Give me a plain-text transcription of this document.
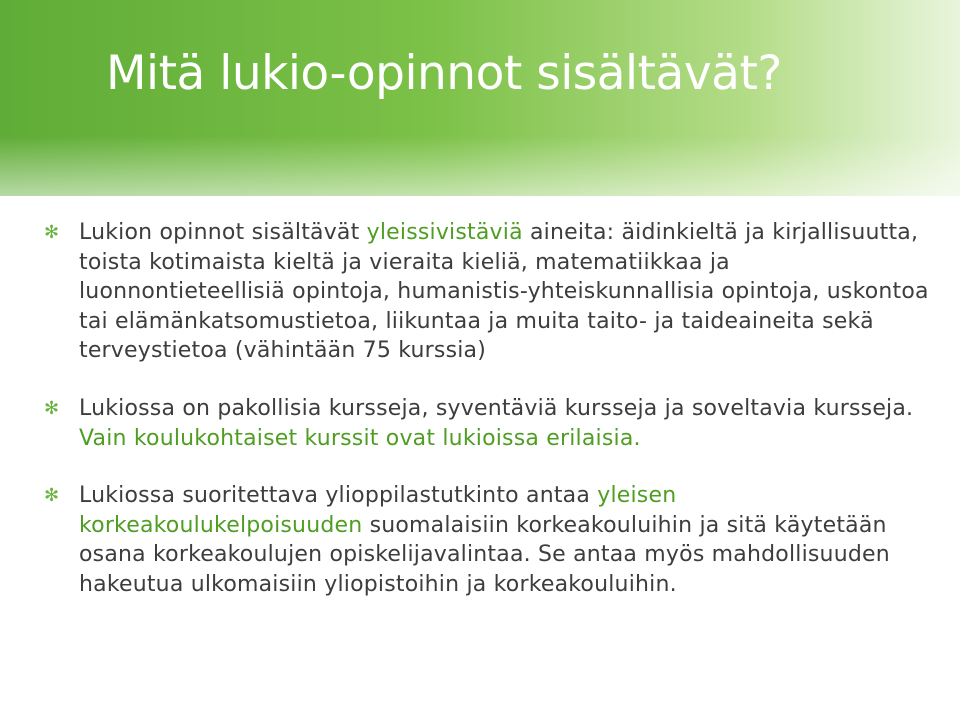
Mitä lukio-opinnot sisältävät?
✻ Lukion opinnot sisältävät yleissivistäviä aineita: äidinkieltä ja kirjallisuutta, toista kotimaista kieltä ja vieraita kieliä, matematiikkaa ja luonnontieteellisiä opintoja, humanistis-yhteiskunnallisia opintoja, uskontoa tai elämänkatsomustietoa, liikuntaa ja muita taito- ja taideaineita sekä terveystietoa (vähintään 75 kurssia)
✻ Lukiossa on pakollisia kursseja, syventäviä kursseja ja soveltavia kursseja. Vain koulukohtaiset kurssit ovat lukioissa erilaisia.
✻ Lukiossa suoritettava ylioppilastutkinto antaa yleisen korkeakoulukelpoisuuden suomalaisiin korkeakouluihin ja sitä käytetään osana korkeakoulujen opiskelijavalintaa. Se antaa myös mahdollisuuden hakeutua ulkomaisiin yliopistoihin ja korkeakouluihin.
